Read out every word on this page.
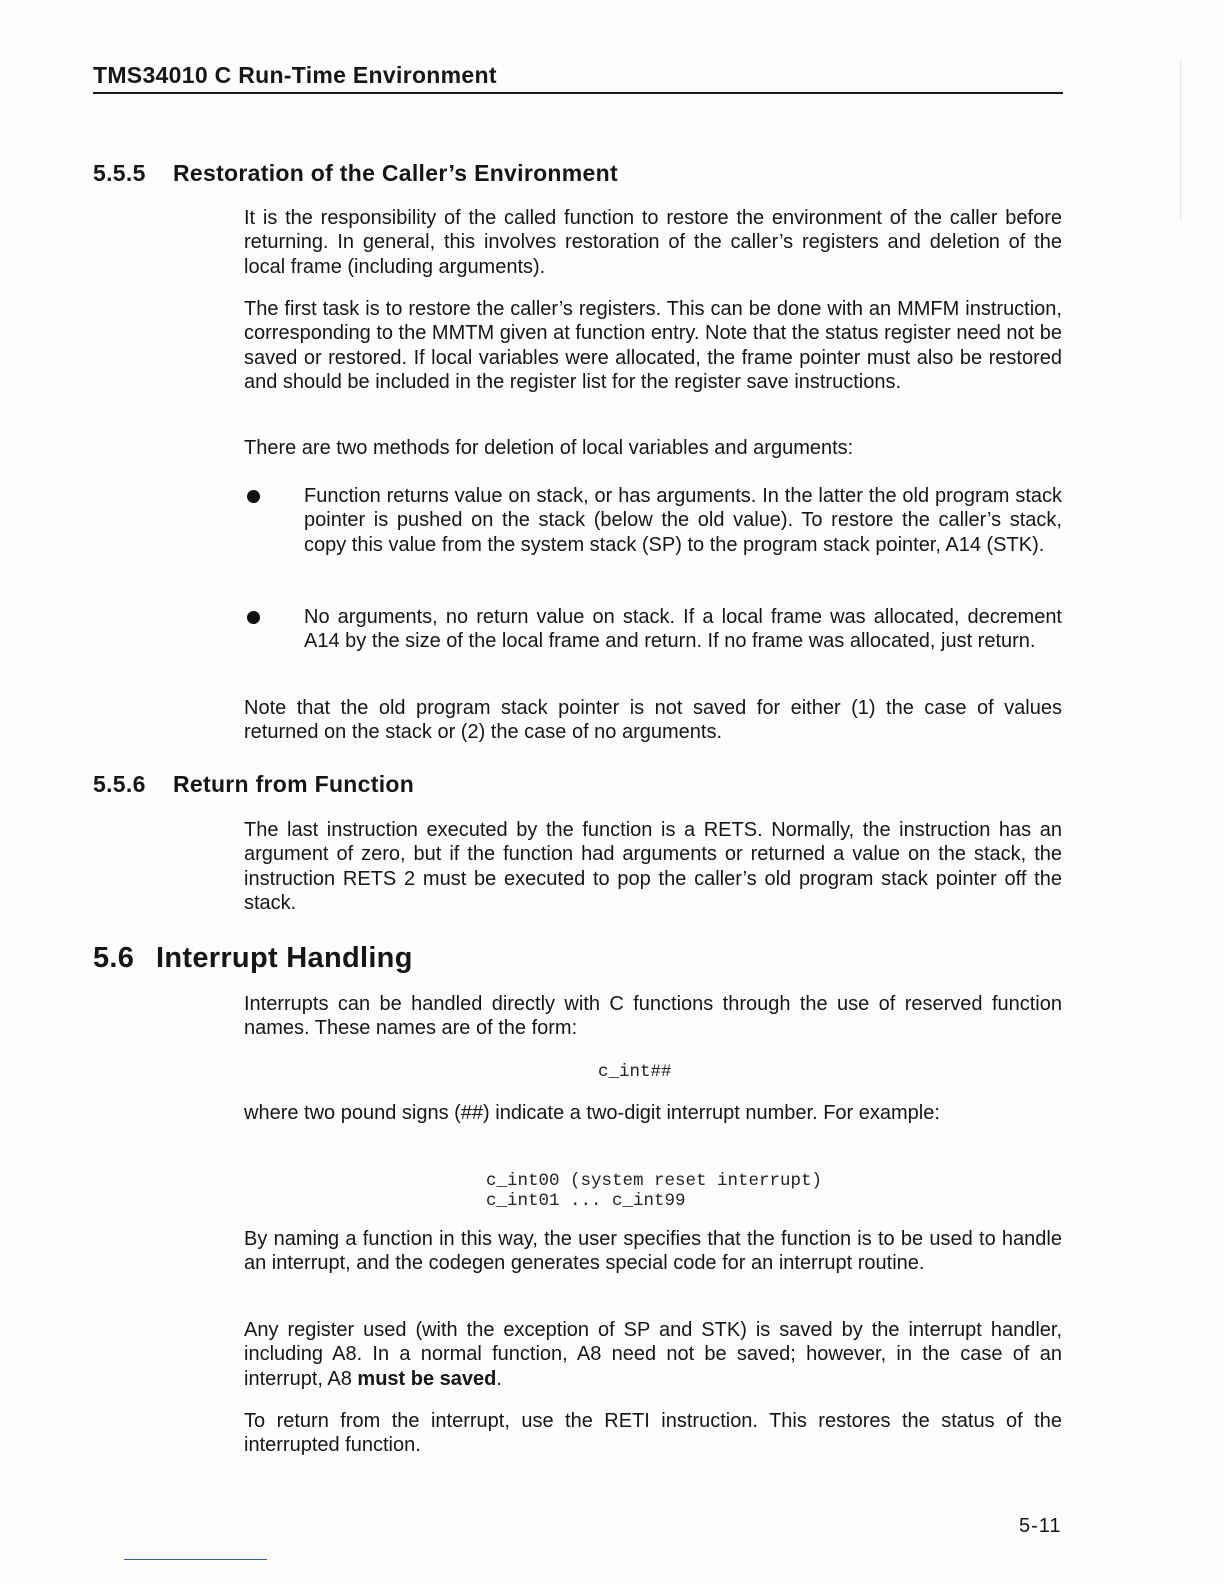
TMS34010 C Run-Time Environment
5.5.5 Restoration of the Caller’s Environment

It is the responsibility of the called function to restore the environment of the caller before returning. In general, this involves restoration of the caller’s registers and deletion of the local frame (including arguments).

The first task is to restore the caller’s registers. This can be done with an MMFM instruction, corresponding to the MMTM given at function entry. Note that the status register need not be saved or restored. If local variables were allocated, the frame pointer must also be restored and should be included in the register list for the register save instructions.

There are two methods for deletion of local variables and arguments:

Function returns value on stack, or has arguments. In the latter the old program stack pointer is pushed on the stack (below the old value). To restore the caller’s stack, copy this value from the system stack (SP) to the program stack pointer, A14 (STK).

No arguments, no return value on stack. If a local frame was allocated, decrement A14 by the size of the local frame and return. If no frame was allocated, just return.

Note that the old program stack pointer is not saved for either (1) the case of values returned on the stack or (2) the case of no arguments.

5.5.6 Return from Function

The last instruction executed by the function is a RETS. Normally, the instruction has an argument of zero, but if the function had arguments or returned a value on the stack, the instruction RETS 2 must be executed to pop the caller’s old program stack pointer off the stack.

5.6 Interrupt Handling

Interrupts can be handled directly with C functions through the use of reserved function names. These names are of the form:

c_int##

where two pound signs (##) indicate a two-digit interrupt number. For example:

c_int00 (system reset interrupt)
c_int01 ... c_int99

By naming a function in this way, the user specifies that the function is to be used to handle an interrupt, and the codegen generates special code for an interrupt routine.

Any register used (with the exception of SP and STK) is saved by the interrupt handler, including A8. In a normal function, A8 need not be saved; however, in the case of an interrupt, A8 must be saved.

To return from the interrupt, use the RETI instruction. This restores the status of the interrupted function.

5-11
